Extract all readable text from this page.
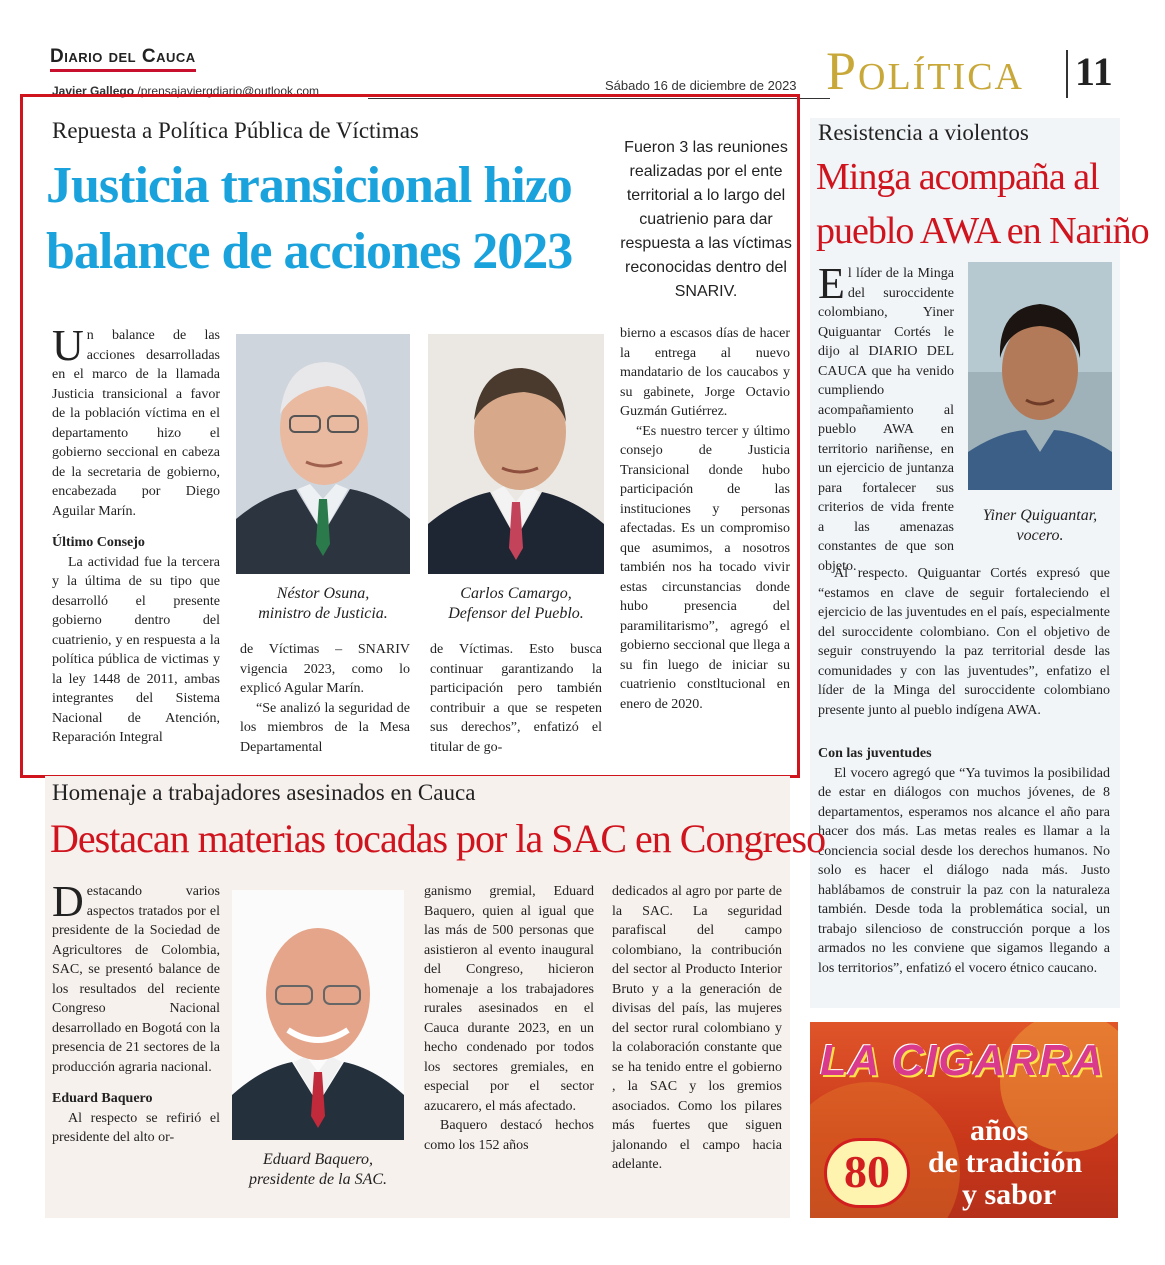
Diario del Cauca
Javier Gallego /prensajaviergdiario@outlook.com	Sábado 16 de diciembre de 2023 Política 11
Repuesta a Política Pública de Víctimas
Justicia transicional hizo
balance de acciones 2023
Fueron 3 las reuniones realizadas por el ente territorial a lo largo del cuatrienio para dar respuesta a las víctimas reconocidas dentro del SNARIV.

Un balance de las acciones desarrolladas en el marco de la llamada Justicia transicional a favor de la población víctima en el departamento hizo el gobierno seccional en cabeza de la secretaria de gobierno, encabezada por Diego Aguilar Marín.

Último Consejo

La actividad fue la tercera y la última de su tipo que desarrolló el presente gobierno dentro del cuatrienio, y en respuesta a la política pública de victimas y la ley 1448 de 2011, ambas integrantes del Sistema Nacional de Atención, Reparación Integral

Néstor Osuna,
ministro de Justicia.
Carlos Camargo,
Defensor del Pueblo.

de Víctimas – SNARIV vigencia 2023, como lo explicó Agular Marín.

“Se analizó la seguridad de los miembros de la Mesa Departamental

de Víctimas. Esto busca continuar garantizando la participación pero también contribuir a que se respeten sus derechos”, enfatizó el titular de go-

bierno a escasos días de hacer la entrega al nuevo mandatario de los caucabos y su gabinete, Jorge Octavio Guzmán Gutiérrez.

“Es nuestro tercer y último consejo de Justicia Transicional donde hubo participación de las instituciones y personas afectadas. Es un compromiso que asumimos, a nosotros también nos ha tocado vivir estas circunstancias donde hubo presencia del paramilitarismo”, agregó el gobierno seccional que llega a su fin luego de iniciar su cuatrienio constltucional en enero de 2020.

Resistencia a violentos
Minga acompaña al
pueblo AWA en Nariño
Yiner Quiguantar,
vocero.

El líder de la Minga del suroccidente colombiano, Yiner Quiguantar Cortés le dijo al DIARIO DEL CAUCA que ha venido cumpliendo acompañamiento al pueblo AWA en territorio nariñense, en un ejercicio de juntanza para fortalecer sus criterios de vida frente a las amenazas constantes de que son objeto.

Al respecto. Quiguantar Cortés expresó que “estamos en clave de seguir fortaleciendo el ejercicio de las juventudes en el país, especialmente del suroccidente colombiano. Con el objetivo de seguir construyendo la paz territorial desde las comunidades y con las juventudes”, enfatizo el líder de la Minga del suroccidente colombiano presente junto al pueblo indígena AWA.

Con las juventudes

El vocero agregó que “Ya tuvimos la posibilidad de estar en diálogos con muchos jóvenes, de 8 departamentos, esperamos nos alcance el año para hacer dos más. Las metas reales es llamar a la conciencia social desde los derechos humanos. No solo es hacer el diálogo nada más. Justo hablábamos de construir la paz con la naturaleza también. Desde toda la problemática social, un trabajo silencioso de construcción porque a los armados no les conviene que sigamos llegando a los territorios”, enfatizó el vocero étnico caucano.

LA CIGARRA
80
años
de tradición
y sabor
Homenaje a trabajadores asesinados en Cauca
Destacan materias tocadas por la SAC en Congreso

Destacando varios aspectos tratados por el presidente de la Sociedad de Agricultores de Colombia, SAC, se presentó balance de los resultados del reciente Congreso Nacional desarrollado en Bogotá con la presencia de 21 sectores de la producción agraria nacional.

Eduard Baquero

Al respecto se refirió el presidente del alto or-

Eduard Baquero,
presidente de la SAC.

ganismo gremial, Eduard Baquero, quien al igual que las más de 500 personas que asistieron al evento inaugural del Congreso, hicieron homenaje a los trabajadores rurales asesinados en el Cauca durante 2023, en un hecho condenado por todos los sectores gremiales, en especial por el sector azucarero, el más afectado.

Baquero destacó hechos como los 152 años

dedicados al agro por parte de la SAC. La seguridad parafiscal del campo colombiano, la contribución del sector al Producto Interior Bruto y a la generación de divisas del país, las mujeres del sector rural colombiano y la colaboración constante que se ha tenido entre el gobierno , la SAC y los gremios asociados. Como los pilares más fuertes que siguen jalonando el campo hacia adelante.
